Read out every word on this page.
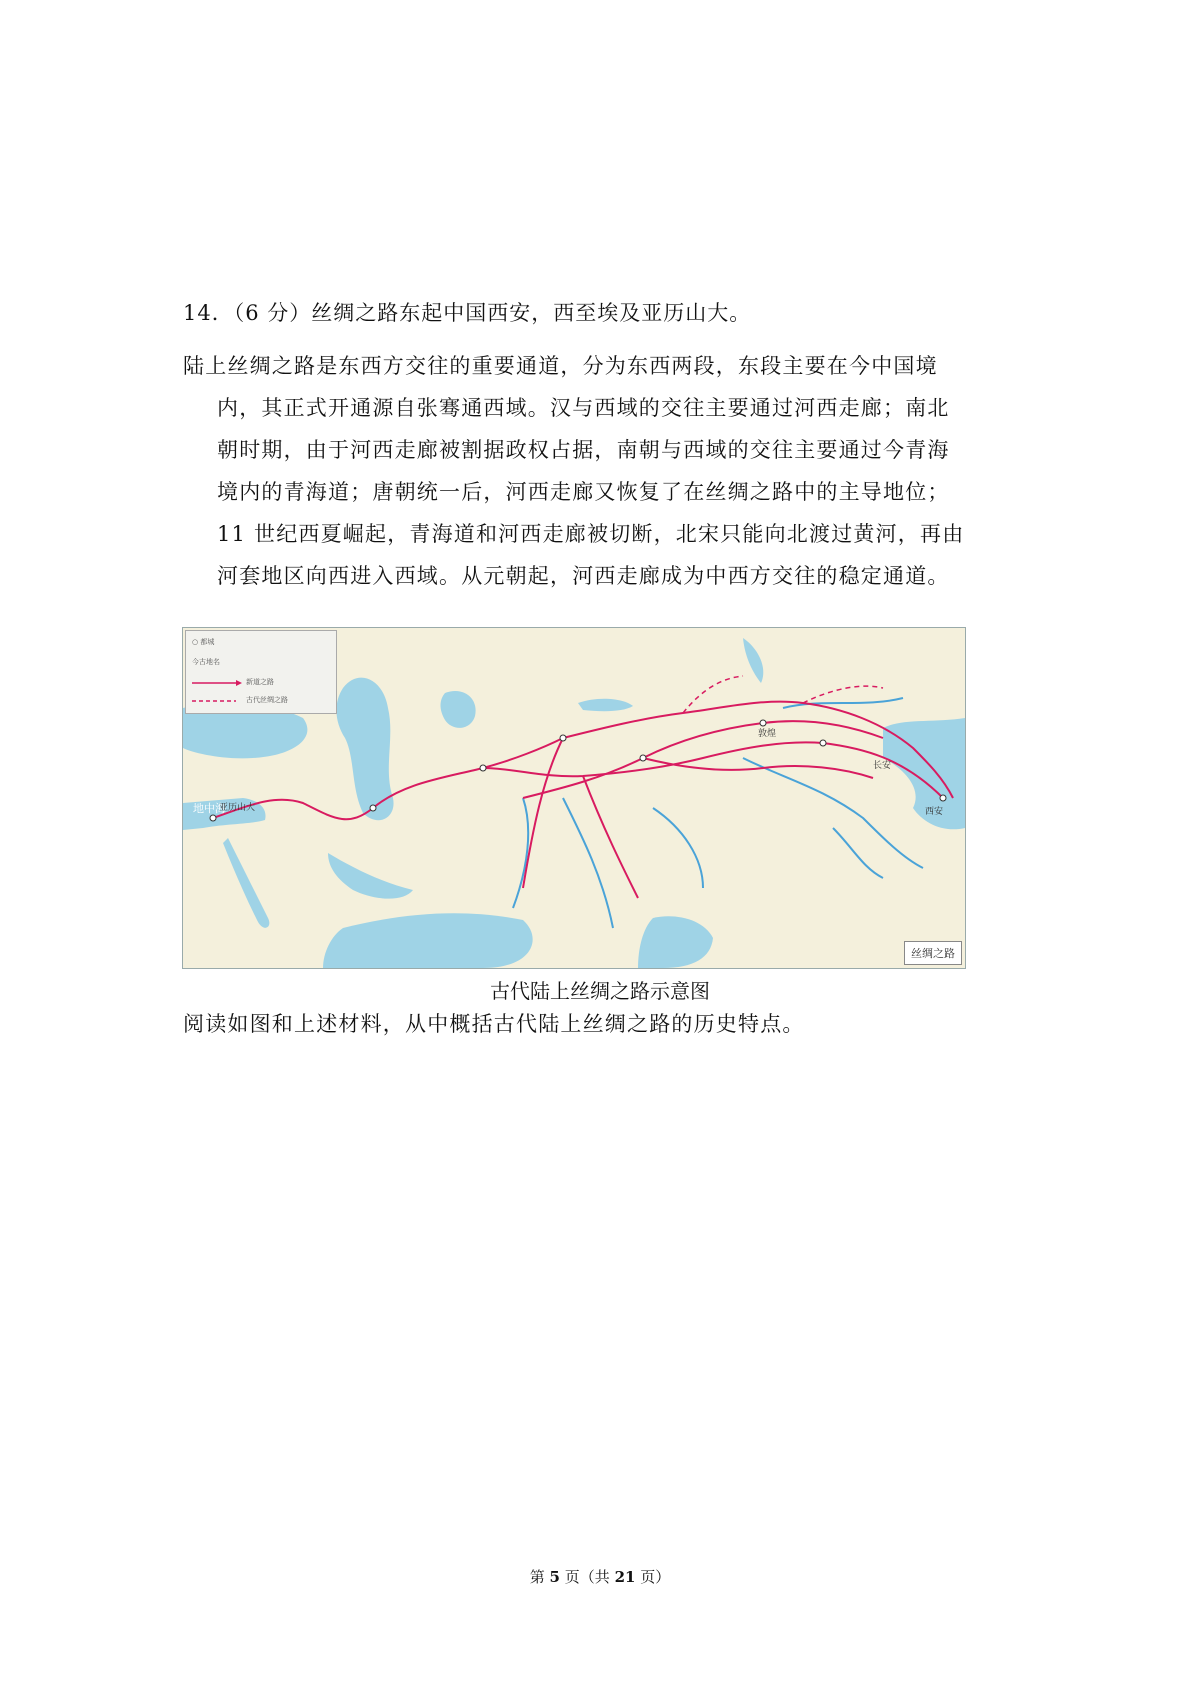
14．（6 分）丝绸之路东起中国西安，西至埃及亚历山大。
陆上丝绸之路是东西方交往的重要通道，分为东西两段，东段主要在今中国境
内，其正式开通源自张骞通西域。汉与西域的交往主要通过河西走廊；南北
朝时期，由于河西走廊被割据政权占据，南朝与西域的交往主要通过今青海
境内的青海道；唐朝统一后，河西走廊又恢复了在丝绸之路中的主导地位；
11 世纪西夏崛起，青海道和河西走廊被切断，北宋只能向北渡过黄河，再由
河套地区向西进入西域。从元朝起，河西走廊成为中西方交往的稳定通道。
地中海
亚历山大	西安
敦煌
长安
○ 都城
今古地名
新道之路
古代丝绸之路
丝绸之路
古代陆上丝绸之路示意图
阅读如图和上述材料，从中概括古代陆上丝绸之路的历史特点。
第 5 页（共 21 页）
